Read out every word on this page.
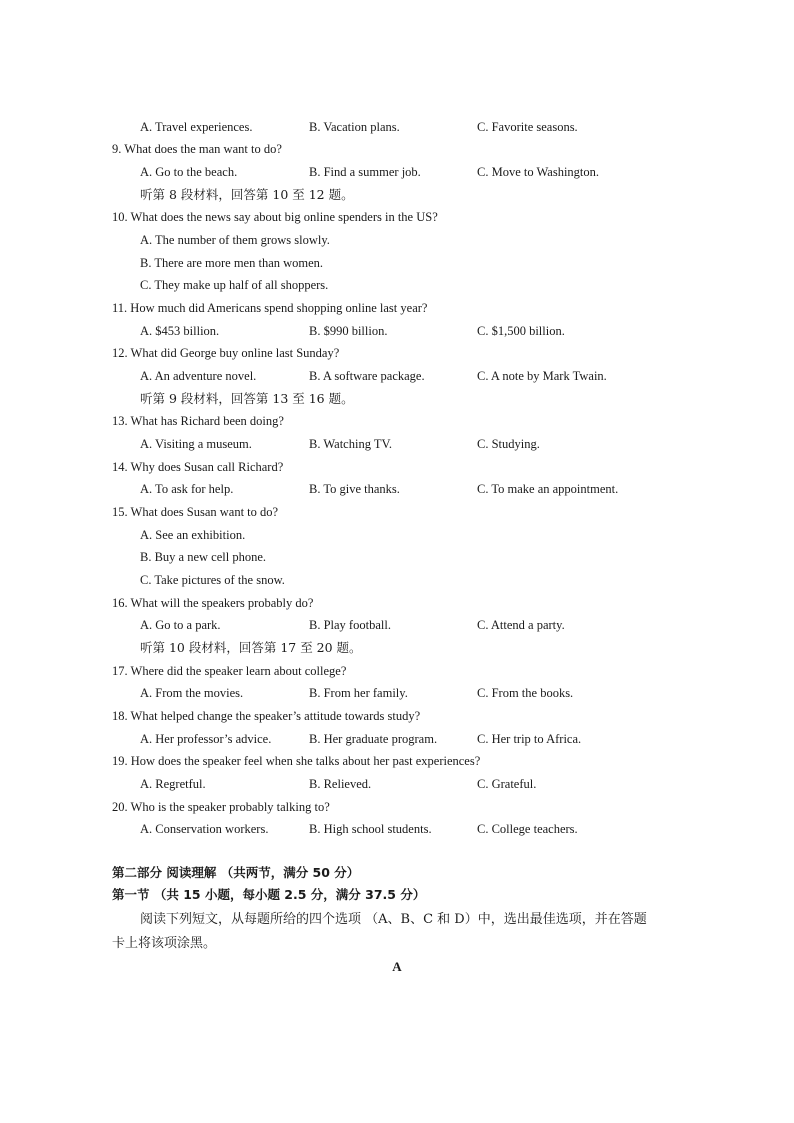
A. Travel experiences.	B. Vacation plans.	C. Favorite seasons.
9. What does the man want to do?
A. Go to the beach.	B. Find a summer job.	C. Move to Washington.
听第 8 段材料，回答第 10 至 12 题。
10. What does the news say about big online spenders in the US?
A. The number of them grows slowly.
B. There are more men than women.
C. They make up half of all shoppers.
11. How much did Americans spend shopping online last year?
A. $453 billion.	B. $990 billion.	C. $1,500 billion.
12. What did George buy online last Sunday?
A. An adventure novel.	B. A software package.	C. A note by Mark Twain.
听第 9 段材料，回答第 13 至 16 题。
13. What has Richard been doing?
A. Visiting a museum.	B. Watching TV.	C. Studying.
14. Why does Susan call Richard?
A. To ask for help.	B. To give thanks.	C. To make an appointment.
15. What does Susan want to do?
A. See an exhibition.
B. Buy a new cell phone.
C. Take pictures of the snow.
16. What will the speakers probably do?
A. Go to a park.	B. Play football.	C. Attend a party.
听第 10 段材料，回答第 17 至 20 题。
17. Where did the speaker learn about college?
A. From the movies.	B. From her family.	C. From the books.
18. What helped change the speaker’s attitude towards study?
A. Her professor’s advice.	B. Her graduate program.	C. Her trip to Africa.
19. How does the speaker feel when she talks about her past experiences?
A. Regretful.	B. Relieved.	C. Grateful.
20. Who is the speaker probably talking to?
A. Conservation workers.	B. High school students.	C. College teachers.
第二部分 阅读理解 （共两节，满分 50 分）
第一节 （共 15 小题，每小题 2.5 分，满分 37.5 分）
阅读下列短文，从每题所给的四个选项 （A、B、C 和 D）中，选出最佳选项，并在答题
卡上将该项涂黑。
A
